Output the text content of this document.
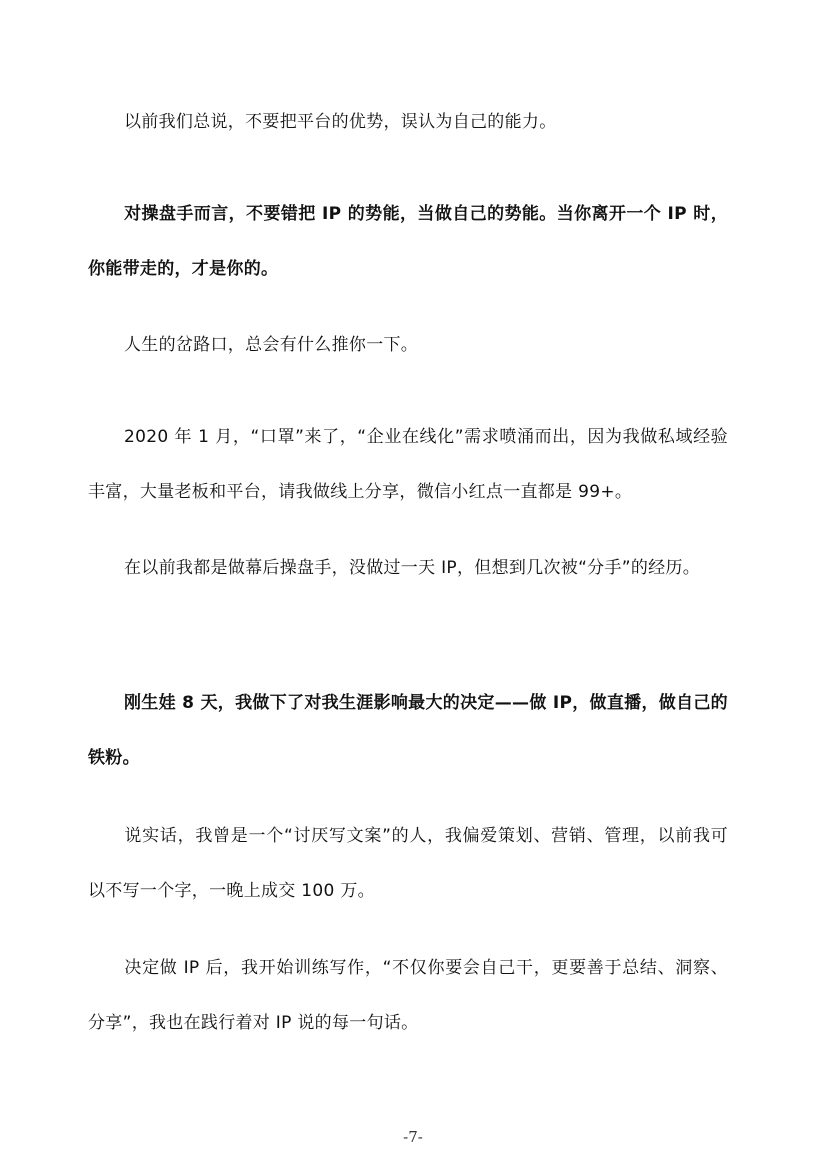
以前我们总说，不要把平台的优势，误认为自己的能力。

对操盘手而言，不要错把 IP 的势能，当做自己的势能。当你离开一个 IP 时，你能带走的，才是你的。

人生的岔路口，总会有什么推你一下。

2020 年 1 月，“口罩”来了，“企业在线化”需求喷涌而出，因为我做私域经验丰富，大量老板和平台，请我做线上分享，微信小红点一直都是 99+。

在以前我都是做幕后操盘手，没做过一天 IP，但想到几次被“分手”的经历。

刚生娃 8 天，我做下了对我生涯影响最大的决定——做 IP，做直播，做自己的铁粉。

说实话，我曾是一个“讨厌写文案”的人，我偏爱策划、营销、管理，以前我可以不写一个字，一晚上成交 100 万。

决定做 IP 后，我开始训练写作，“不仅你要会自己干，更要善于总结、洞察、分享”，我也在践行着对 IP 说的每一句话。

-7-
